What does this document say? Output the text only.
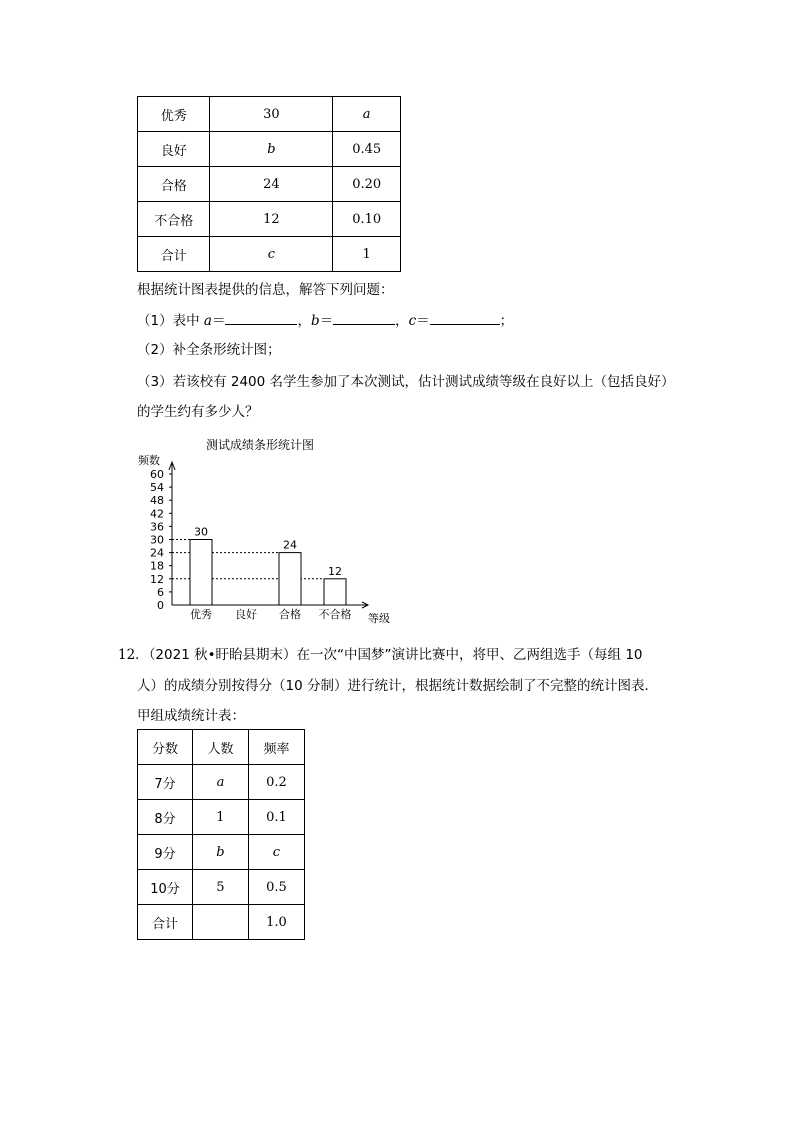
优秀	30	a
良好	b	0.45
合格	24	0.20
不合格	12	0.10
合计	c	1
根据统计图表提供的信息，解答下列问题：
（1）表中 a＝	，b＝	，c＝	；
（2）补全条形统计图；
（3）若该校有 2400 名学生参加了本次测试，估计测试成绩等级在良好以上（包括良好）
的学生约有多少人？
测试成绩条形统计图
频数
等级
0
6
12
18
24
30
36
42
48
54
60
30
优秀 良好
24
合格
12
不合格
12．（2021 秋•盱眙县期末）在一次“中国梦”演讲比赛中，将甲、乙两组选手（每组 10
人）的成绩分别按得分（10 分制）进行统计，根据统计数据绘制了不完整的统计图表．
甲组成绩统计表：
分数	人数	频率
7分	a	0.2
8分	1	0.1
9分	b	c
10分	5	0.5
合计		1.0
